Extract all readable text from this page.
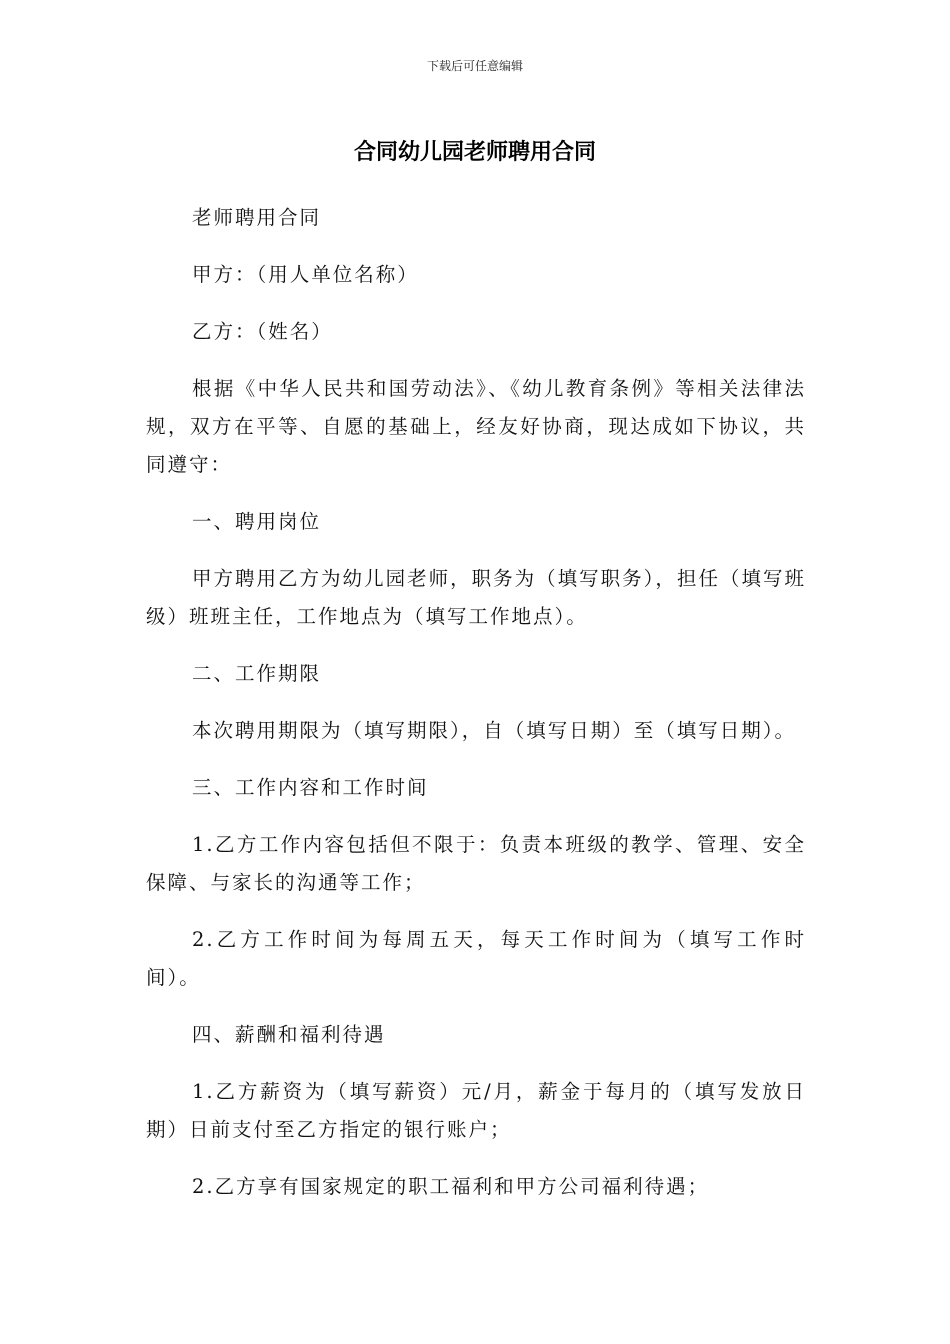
下载后可任意编辑
合同幼儿园老师聘用合同

老师聘用合同

甲方：（用人单位名称）

乙方：（姓名）

根据《中华人民共和国劳动法》、《幼儿教育条例》等相关法律法规，双方在平等、自愿的基础上，经友好协商，现达成如下协议，共同遵守：

一、聘用岗位

甲方聘用乙方为幼儿园老师，职务为（填写职务），担任（填写班级）班班主任，工作地点为（填写工作地点）。

二、工作期限

本次聘用期限为（填写期限），自（填写日期）至（填写日期）。

三、工作内容和工作时间

1.乙方工作内容包括但不限于：负责本班级的教学、管理、安全保障、与家长的沟通等工作；

2.乙方工作时间为每周五天，每天工作时间为（填写工作时间）。

四、薪酬和福利待遇

1.乙方薪资为（填写薪资）元/月，薪金于每月的（填写发放日期）日前支付至乙方指定的银行账户；

2.乙方享有国家规定的职工福利和甲方公司福利待遇；
